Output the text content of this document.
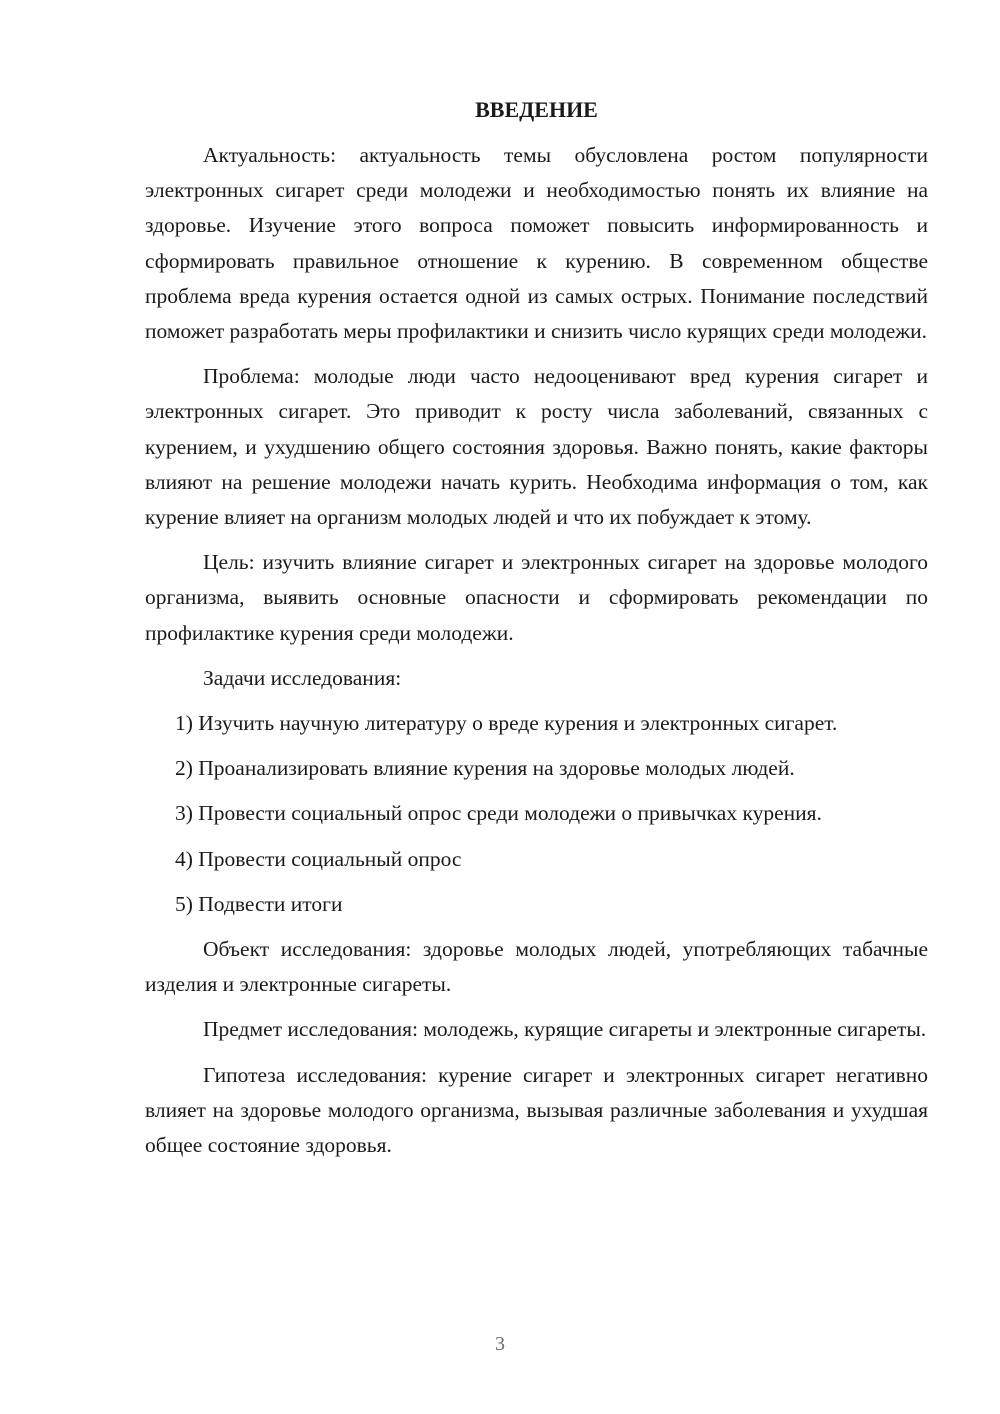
ВВЕДЕНИЕ

Актуальность: актуальность темы обусловлена ростом популярности электронных сигарет среди молодежи и необходимостью понять их влияние на здоровье. Изучение этого вопроса поможет повысить информированность и сформировать правильное отношение к курению. В современном обществе проблема вреда курения остается одной из самых острых. Понимание последствий поможет разработать меры профилактики и снизить число курящих среди молодежи.

Проблема: молодые люди часто недооценивают вред курения сигарет и электронных сигарет. Это приводит к росту числа заболеваний, связанных с курением, и ухудшению общего состояния здоровья. Важно понять, какие факторы влияют на решение молодежи начать курить. Необходима информация о том, как курение влияет на организм молодых людей и что их побуждает к этому.

Цель: изучить влияние сигарет и электронных сигарет на здоровье молодого организма, выявить основные опасности и сформировать рекомендации по профилактике курения среди молодежи.

Задачи исследования:

1) Изучить научную литературу о вреде курения и электронных сигарет.

2) Проанализировать влияние курения на здоровье молодых людей.

3) Провести социальный опрос среди молодежи о привычках курения.

4) Провести социальный опрос

5) Подвести итоги

Объект исследования: здоровье молодых людей, употребляющих табачные изделия и электронные сигареты.

Предмет исследования: молодежь, курящие сигареты и электронные сигареты.

Гипотеза исследования: курение сигарет и электронных сигарет негативно влияет на здоровье молодого организма, вызывая различные заболевания и ухудшая общее состояние здоровья.

3
